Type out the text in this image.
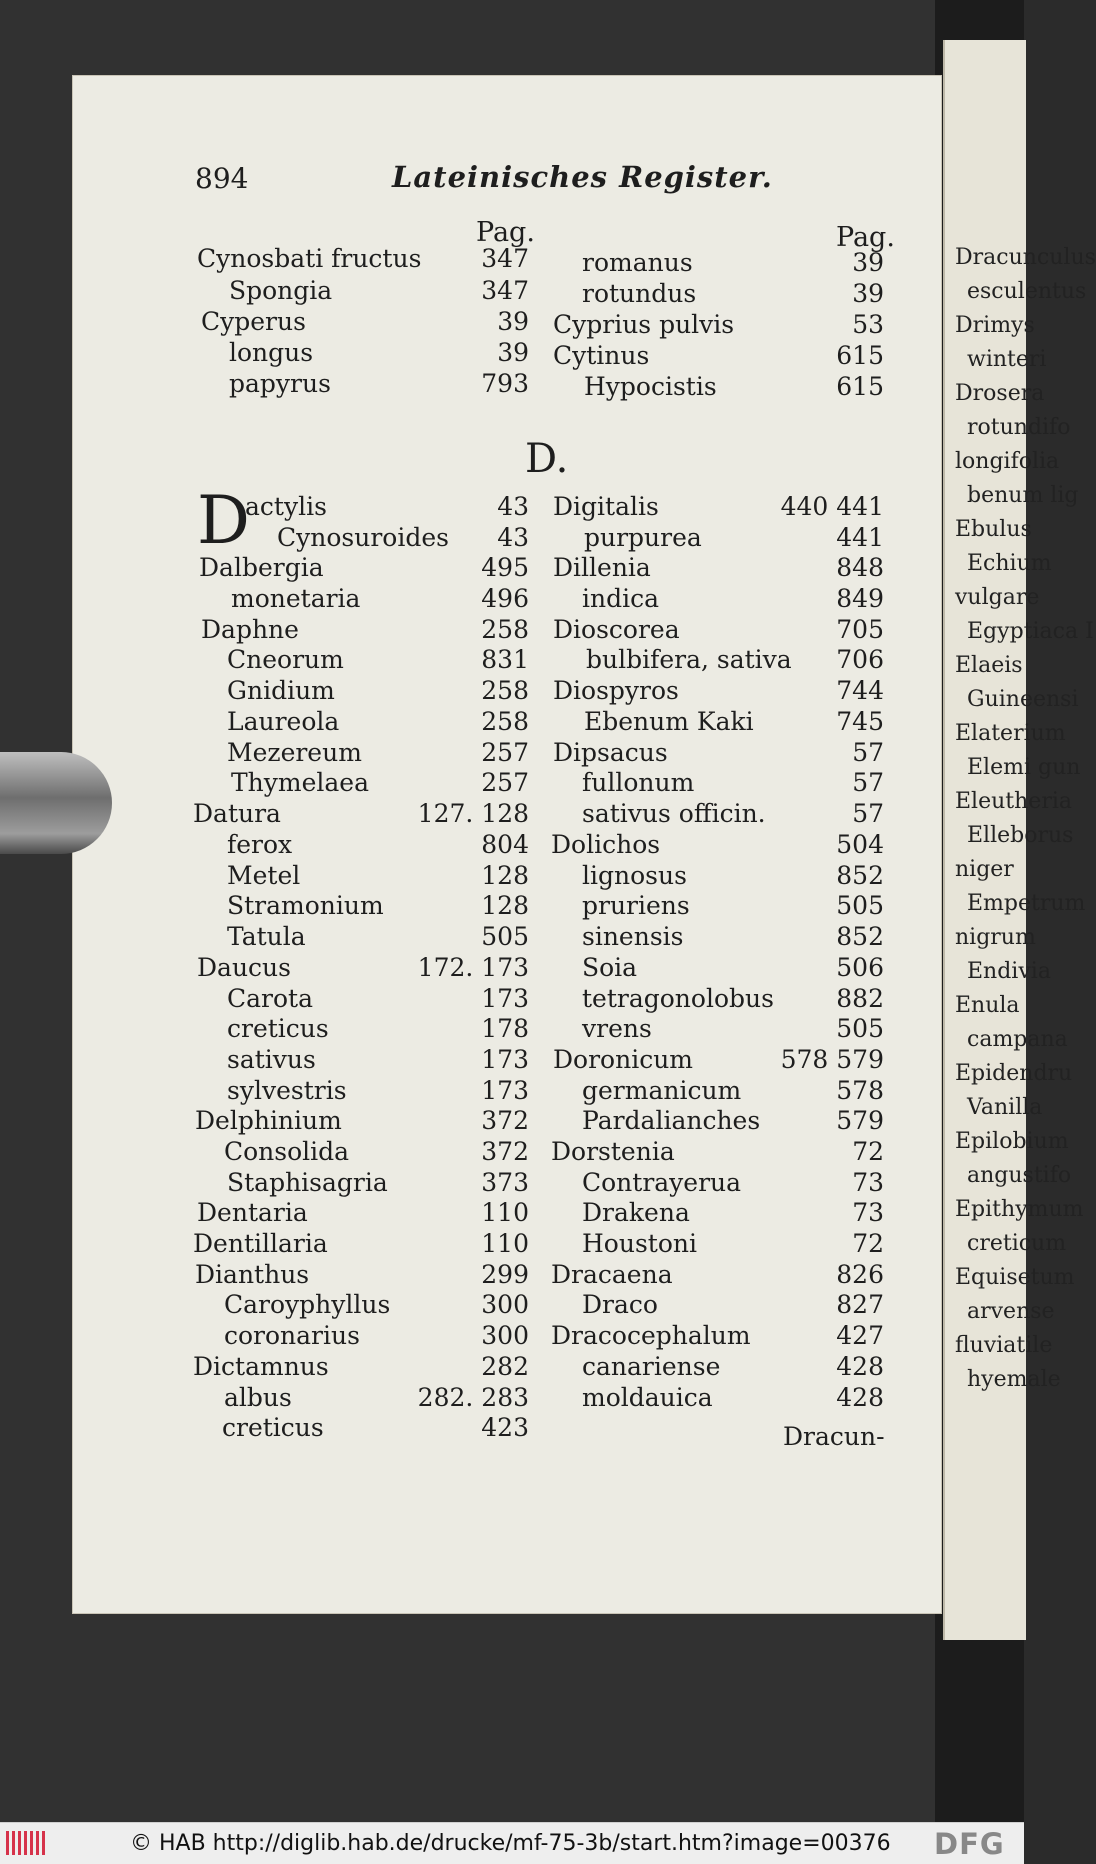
Dracunculus
esculentus
Drimys
winteri
Drosera
rotundifo
longifolia
benum lig
Ebulus
Echium
vulgare
Egyptiaca I
Elaeis
Guineensi
Elaterium
Elemi gun
Eleutheria
Elleborus
niger
Empetrum
nigrum
Endivia
Enula
campana
Epidendru
Vanilla
Epilobium
angustifo
Epithymum
creticum
Equisetum
arvense
fluviatile
hyemale
894	Lateinisches Register.
Pag.	Pag.
D.
D
Dracun-
Cynosbati fructus	347
Spongia	347
Cyperus	39
longus	39
papyrus	793
romanus	39
rotundus	39
Cyprius pulvis	53
Cytinus	615
Hypocistis	615
actylis	43
Cynosuroides	43
Dalbergia	495
monetaria	496
Daphne	258
Cneorum	831
Gnidium	258
Laureola	258
Mezereum	257
Thymelaea	257
Datura	127. 128
ferox	804
Metel	128
Stramonium	128
Tatula	505
Daucus	172. 173
Carota	173
creticus	178
sativus	173
sylvestris	173
Delphinium	372
Consolida	372
Staphisagria	373
Dentaria	110
Dentillaria	110
Dianthus	299
Caroyphyllus	300
coronarius	300
Dictamnus	282
albus	282. 283
creticus	423
Digitalis	440 441
purpurea	441
Dillenia	848
indica	849
Dioscorea	705
bulbifera, sativa	706
Diospyros	744
Ebenum Kaki	745
Dipsacus	57
fullonum	57
sativus officin.	57
Dolichos	504
lignosus	852
pruriens	505
sinensis	852
Soia	506
tetragonolobus	882
vrens	505
Doronicum	578 579
germanicum	578
Pardalianches	579
Dorstenia	72
Contrayerua	73
Drakena	73
Houstoni	72
Dracaena	826
Draco	827
Dracocephalum	427
canariense	428
moldauica	428
© HAB http://diglib.hab.de/drucke/mf-75-3b/start.htm?image=00376 DFG
